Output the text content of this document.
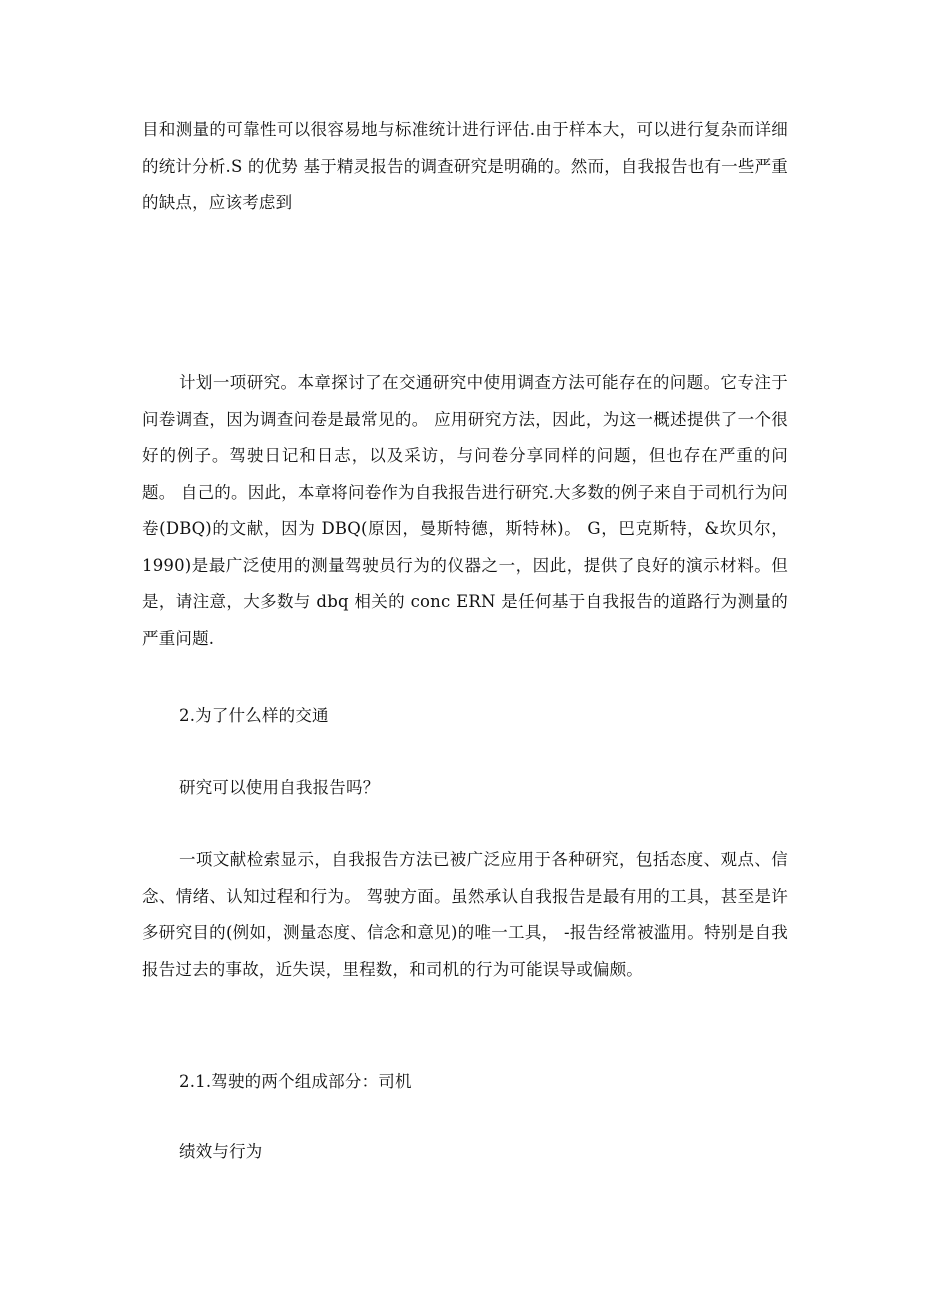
目和测量的可靠性可以很容易地与标准统计进行评估.由于样本大，可以进行复杂而详细的统计分析.S 的优势 基于精灵报告的调查研究是明确的。然而，自我报告也有一些严重的缺点，应该考虑到

计划一项研究。本章探讨了在交通研究中使用调查方法可能存在的问题。它专注于问卷调查，因为调查问卷是最常见的。 应用研究方法，因此，为这一概述提供了一个很好的例子。驾驶日记和日志，以及采访，与问卷分享同样的问题，但也存在严重的问题。 自己的。因此，本章将问卷作为自我报告进行研究.大多数的例子来自于司机行为问卷(DBQ)的文献，因为 DBQ(原因，曼斯特德，斯特林)。 G，巴克斯特，&坎贝尔，1990)是最广泛使用的测量驾驶员行为的仪器之一，因此，提供了良好的演示材料。但是，请注意，大多数与 dbq 相关的 conc ERN 是任何基于自我报告的道路行为测量的严重问题.

2.为了什么样的交通

研究可以使用自我报告吗？

一项文献检索显示，自我报告方法已被广泛应用于各种研究，包括态度、观点、信念、情绪、认知过程和行为。 驾驶方面。虽然承认自我报告是最有用的工具，甚至是许多研究目的(例如，测量态度、信念和意见)的唯一工具， -报告经常被滥用。特别是自我报告过去的事故，近失误，里程数，和司机的行为可能误导或偏颇。

2.1.驾驶的两个组成部分：司机

绩效与行为
